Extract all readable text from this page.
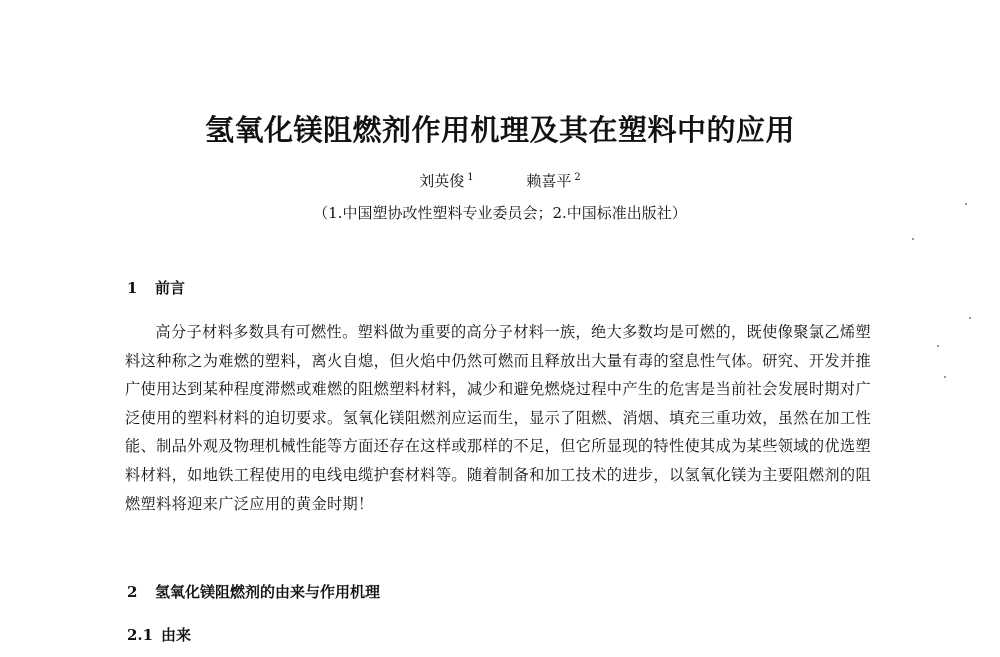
氢氧化镁阻燃剂作用机理及其在塑料中的应用
刘英俊 $^1$	赖喜平 $^2$
（1.中国塑协改性塑料专业委员会；2.中国标准出版社）
1 前言
高分子材料多数具有可燃性。塑料做为重要的高分子材料一族，绝大多数均是可燃的，既使像聚氯乙烯塑料这种称之为难燃的塑料，离火自熄，但火焰中仍然可燃而且释放出大量有毒的窒息性气体。研究、开发并推广使用达到某种程度滞燃或难燃的阻燃塑料材料，减少和避免燃烧过程中产生的危害是当前社会发展时期对广泛使用的塑料材料的迫切要求。氢氧化镁阻燃剂应运而生，显示了阻燃、消烟、填充三重功效，虽然在加工性能、制品外观及物理机械性能等方面还存在这样或那样的不足，但它所显现的特性使其成为某些领域的优选塑料材料，如地铁工程使用的电线电缆护套材料等。随着制备和加工技术的进步，以氢氧化镁为主要阻燃剂的阻燃塑料将迎来广泛应用的黄金时期！
2 氢氧化镁阻燃剂的由来与作用机理
2.1 由来
